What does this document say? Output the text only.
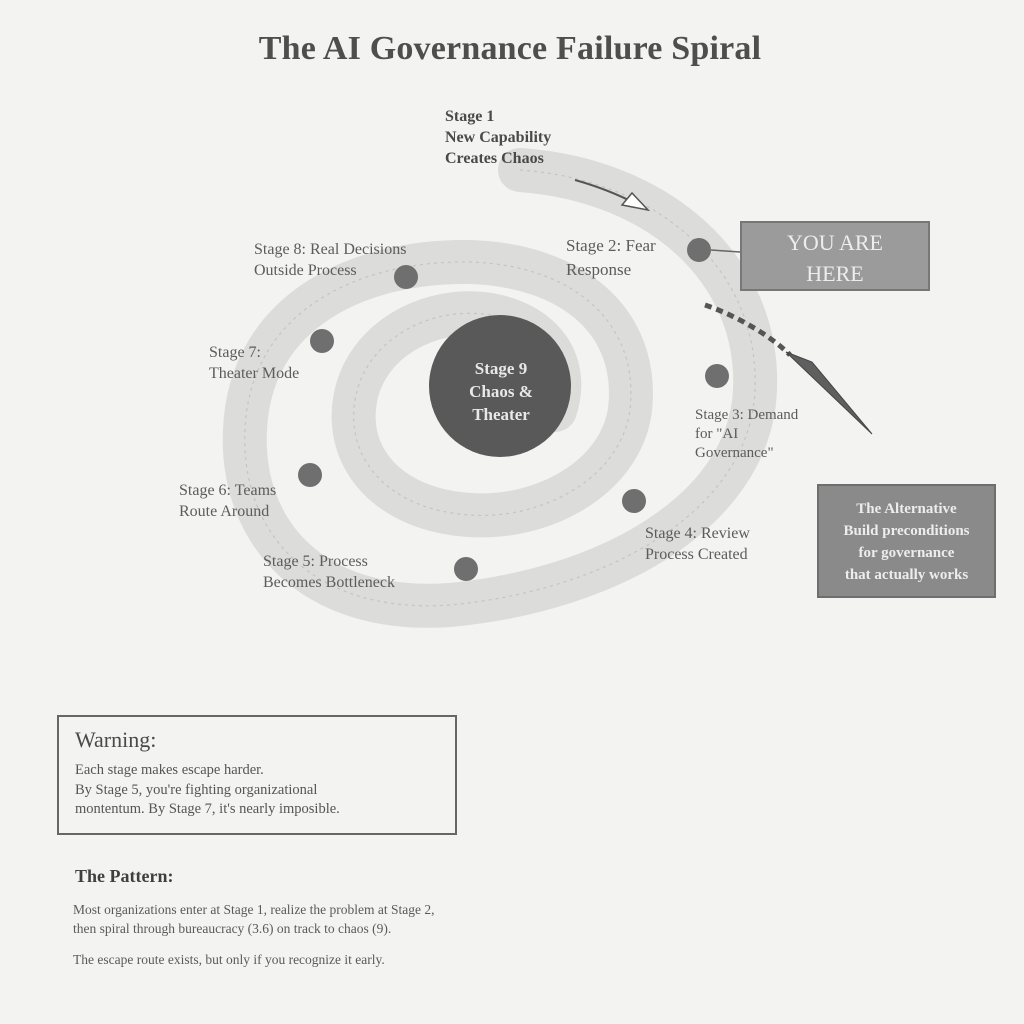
The AI Governance Failure Spiral
Stage 1
New Capability
Creates Chaos
Stage 2: Fear
Response
Stage 3: Demand
for "AI
Governance"
Stage 4: Review
Process Created
Stage 5: Process
Becomes Bottleneck
Stage 6: Teams
Route Around
Stage 7:
Theater Mode
Stage 8: Real Decisions
Outside Process
Stage 9
Chaos &
Theater
YOU ARE
HERE
The Alternative
Build preconditions
for governance
that actually works
Warning:
Each stage makes escape harder.
By Stage 5, you're fighting organizational
montentum. By Stage 7, it's nearly imposible.
The Pattern:
Most organizations enter at Stage 1, realize the problem at Stage 2,
then spiral through bureaucracy (3.6) on track to chaos (9).
The escape route exists, but only if you recognize it early.
